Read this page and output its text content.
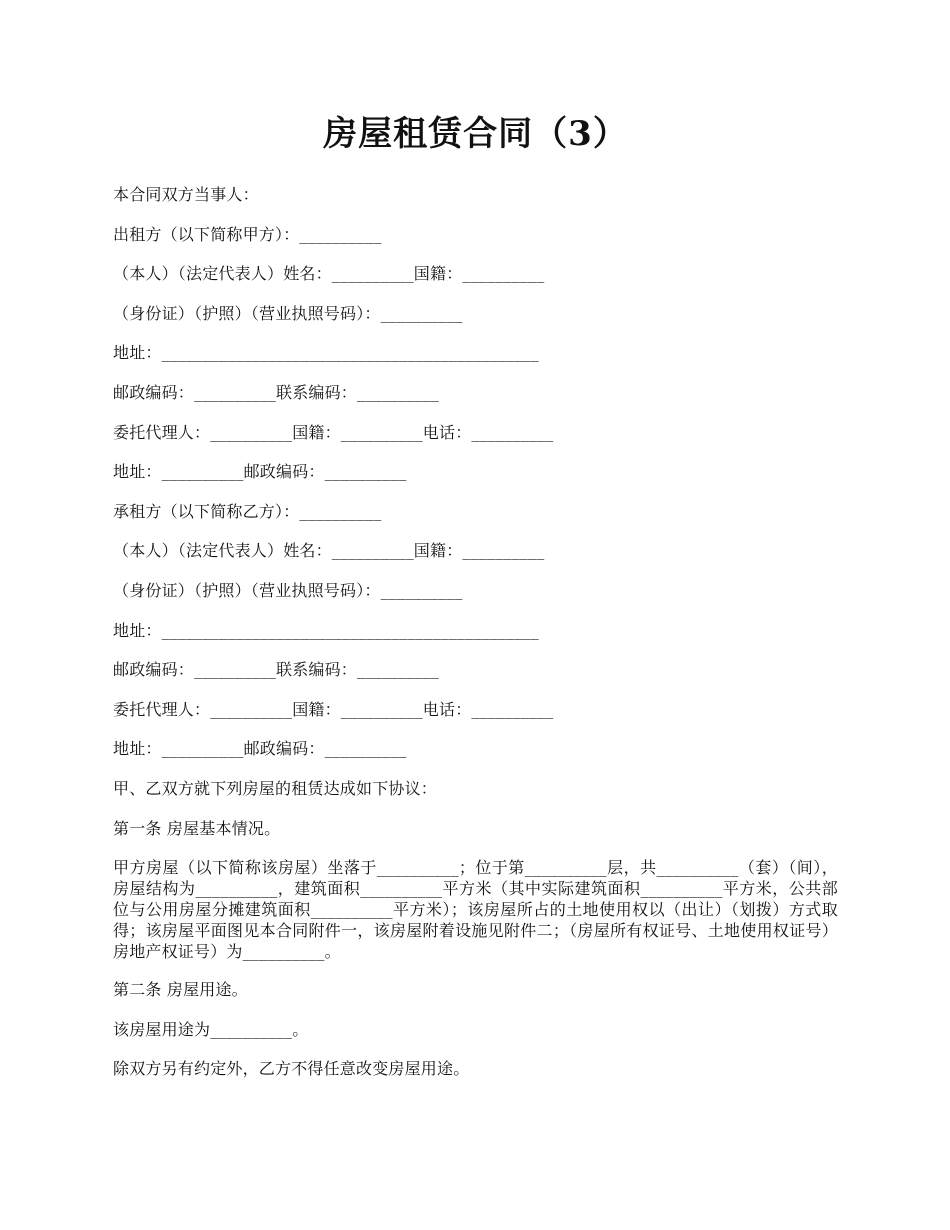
房屋租赁合同（3）

本合同双方当事人：

出租方（以下简称甲方）：__________

（本人）（法定代表人）姓名：__________国籍：__________

（身份证）（护照）（营业执照号码）：__________

地址：______________________________________________

邮政编码：__________联系编码：__________

委托代理人：__________国籍：__________电话：__________

地址：__________邮政编码：__________

承租方（以下简称乙方）：__________

（本人）（法定代表人）姓名：__________国籍：__________

（身份证）（护照）（营业执照号码）：__________

地址：______________________________________________

邮政编码：__________联系编码：__________

委托代理人：__________国籍：__________电话：__________

地址：__________邮政编码：__________

甲、乙双方就下列房屋的租赁达成如下协议：

第一条 房屋基本情况。

甲方房屋（以下简称该房屋）坐落于__________；位于第__________层，共__________（套）（间），房屋结构为__________，建筑面积__________平方米（其中实际建筑面积__________平方米，公共部位与公用房屋分摊建筑面积__________平方米）；该房屋所占的土地使用权以（出让）（划拨）方式取得；该房屋平面图见本合同附件一，该房屋附着设施见附件二；（房屋所有权证号、土地使用权证号）房地产权证号）为__________。

第二条 房屋用途。

该房屋用途为__________。

除双方另有约定外，乙方不得任意改变房屋用途。
